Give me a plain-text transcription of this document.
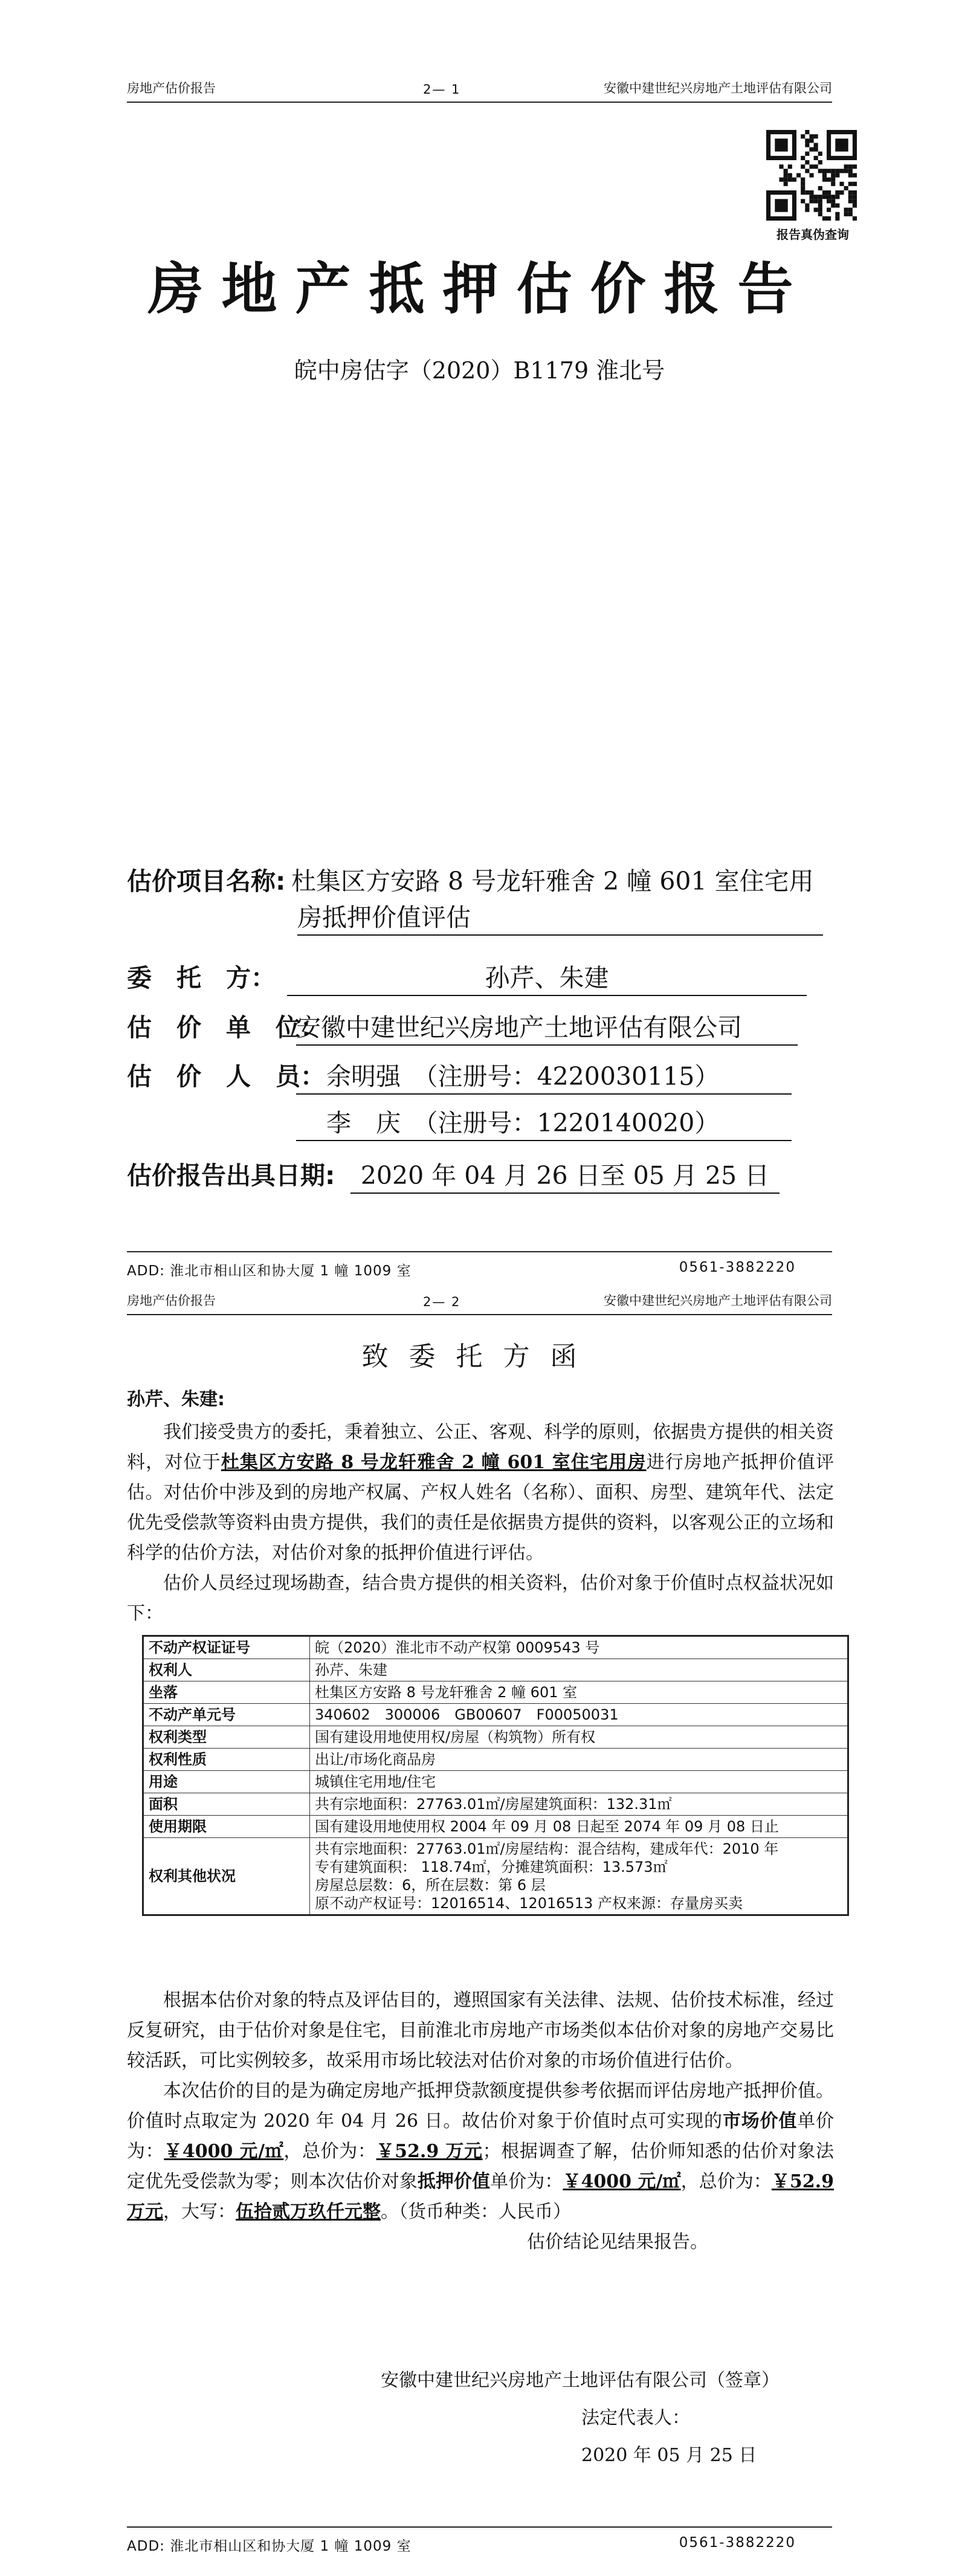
房地产估价报告	2— 1	安徽中建世纪兴房地产土地评估有限公司
报告真伪查询
房地产抵押估价报告
皖中房估字（2020）B1179 淮北号
估价项目名称: 杜集区方安路 8 号龙轩雅舍 2 幢 601 室住宅用
房抵押价值评估
委　托　方：	孙芹、朱建
估　价　单　位：
安徽中建世纪兴房地产土地评估有限公司
估　价　人　员： 余明强　（注册号：4220030115）
李　庆　（注册号：1220140020）
估价报告出具日期:	2020 年 04 月 26 日至 05 月 25 日
ADD: 淮北市相山区和协大厦 1 幢 1009 室	0561-3882220
房地产估价报告	2— 2	安徽中建世纪兴房地产土地评估有限公司
致委托方函
孙芹、朱建:

我们接受贵方的委托，秉着独立、公正、客观、科学的原则，依据贵方提供的相关资料，对位于杜集区方安路 8 号龙轩雅舍 2 幢 601 室住宅用房进行房地产抵押价值评估。对估价中涉及到的房地产权属、产权人姓名（名称）、面积、房型、建筑年代、法定优先受偿款等资料由贵方提供，我们的责任是依据贵方提供的资料，以客观公正的立场和科学的估价方法，对估价对象的抵押价值进行评估。

估价人员经过现场勘查，结合贵方提供的相关资料，估价对象于价值时点权益状况如下：

不动产权证证号	皖（2020）淮北市不动产权第 0009543 号
权利人	孙芹、朱建
坐落	杜集区方安路 8 号龙轩雅舍 2 幢 601 室
不动产单元号	340602　300006　GB00607　F00050031
权利类型	国有建设用地使用权/房屋（构筑物）所有权
权利性质	出让/市场化商品房
用途	城镇住宅用地/住宅
面积	共有宗地面积：27763.01㎡/房屋建筑面积：132.31㎡
使用期限	国有建设用地使用权 2004 年 09 月 08 日起至 2074 年 09 月 08 日止
权利其他状况	共有宗地面积：27763.01㎡/房屋结构：混合结构，建成年代：2010 年
专有建筑面积： 118.74㎡，分摊建筑面积：13.573㎡
房屋总层数：6，所在层数：第 6 层
原不动产权证号：12016514、12016513 产权来源：存量房买卖

根据本估价对象的特点及评估目的，遵照国家有关法律、法规、估价技术标准，经过反复研究，由于估价对象是住宅，目前淮北市房地产市场类似本估价对象的房地产交易比较活跃，可比实例较多，故采用市场比较法对估价对象的市场价值进行估价。

本次估价的目的是为确定房地产抵押贷款额度提供参考依据而评估房地产抵押价值。价值时点取定为 2020 年 04 月 26 日。故估价对象于价值时点可实现的市场价值单价为：￥4000 元/㎡，总价为：￥52.9 万元；根据调查了解，估价师知悉的估价对象法定优先受偿款为零；则本次估价对象抵押价值单价为：￥4000 元/㎡，总价为：￥52.9 万元，大写：伍拾贰万玖仟元整。（货币种类：人民币）

估价结论见结果报告。

安徽中建世纪兴房地产土地评估有限公司（签章）
法定代表人：
2020 年 05 月 25 日
ADD: 淮北市相山区和协大厦 1 幢 1009 室	0561-3882220
